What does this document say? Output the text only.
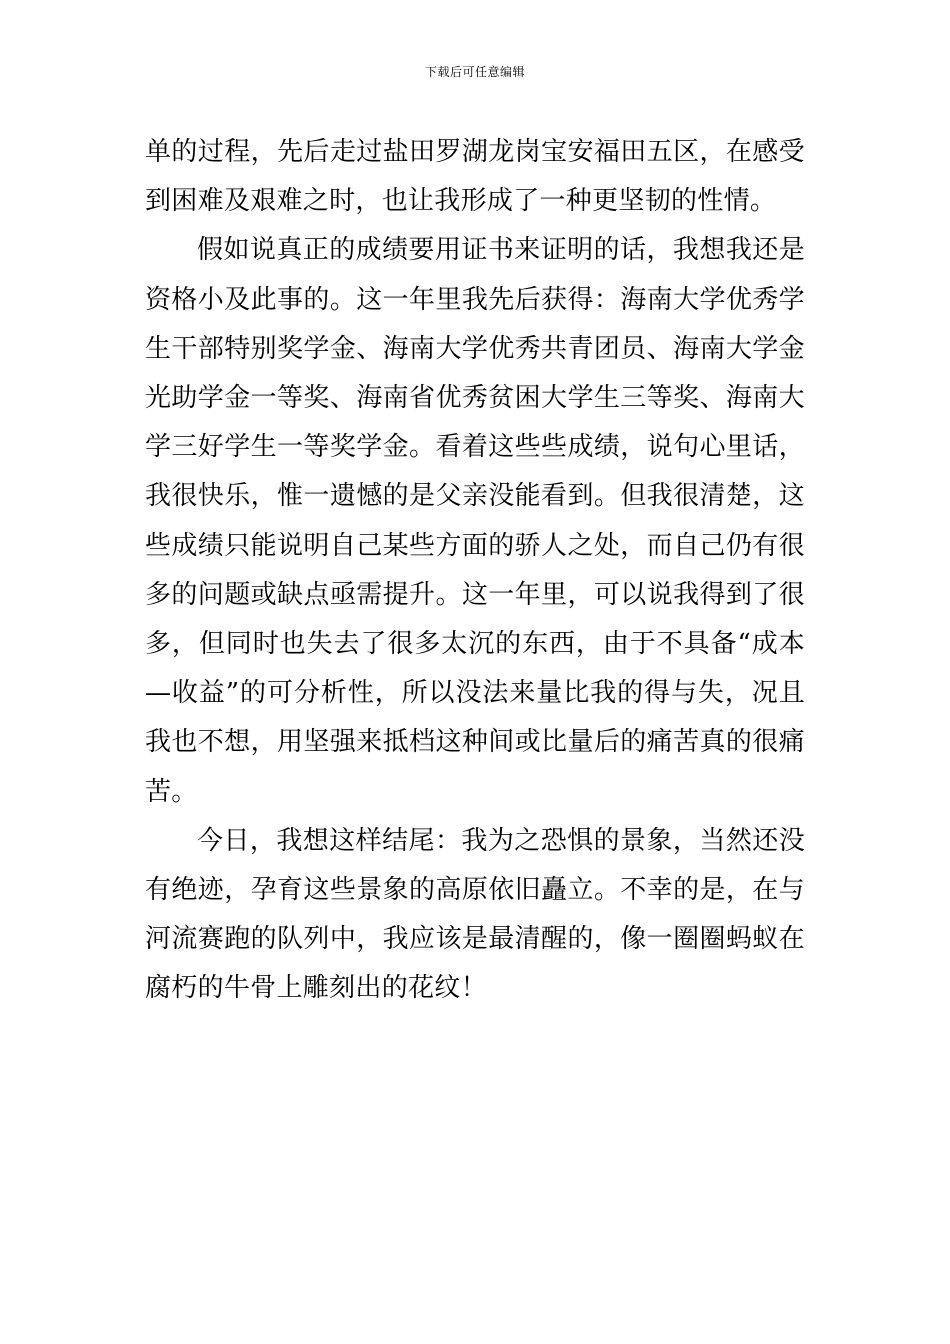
下载后可任意编辑

单的过程，先后走过盐田罗湖龙岗宝安福田五区，在感受到困难及艰难之时，也让我形成了一种更坚韧的性情。

假如说真正的成绩要用证书来证明的话，我想我还是资格小及此事的。这一年里我先后获得：海南大学优秀学生干部特别奖学金、海南大学优秀共青团员、海南大学金光助学金一等奖、海南省优秀贫困大学生三等奖、海南大学三好学生一等奖学金。看着这些些成绩，说句心里话，我很快乐，惟一遗憾的是父亲没能看到。但我很清楚，这些成绩只能说明自己某些方面的骄人之处，而自己仍有很多的问题或缺点亟需提升。这一年里，可以说我得到了很多，但同时也失去了很多太沉的东西，由于不具备“成本—收益”的可分析性，所以没法来量比我的得与失，况且我也不想，用坚强来抵档这种间或比量后的痛苦真的很痛苦。

今日，我想这样结尾：我为之恐惧的景象，当然还没有绝迹，孕育这些景象的高原依旧矗立。不幸的是，在与河流赛跑的队列中，我应该是最清醒的，像一圈圈蚂蚁在腐朽的牛骨上雕刻出的花纹！
